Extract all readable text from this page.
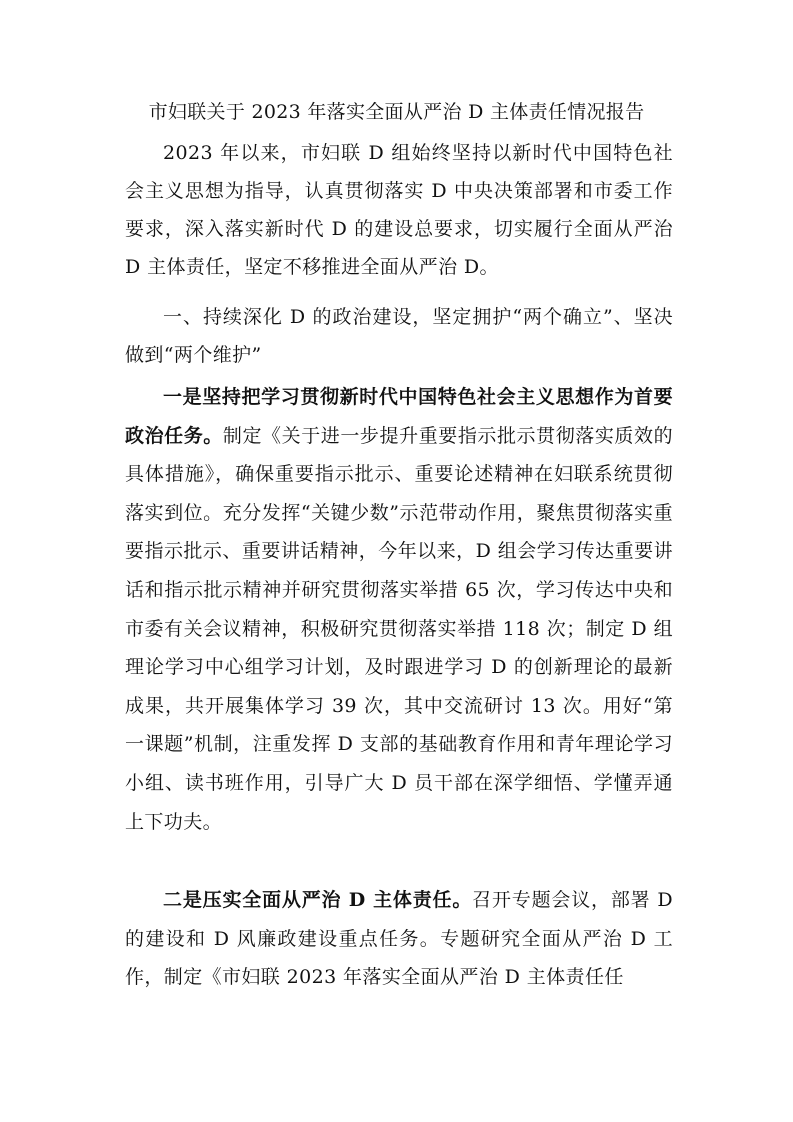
市妇联关于 2023 年落实全面从严治 D 主体责任情况报告
2023 年以来，市妇联 D 组始终坚持以新时代中国特色社会主义思想为指导，认真贯彻落实 D 中央决策部署和市委工作要求，深入落实新时代 D 的建设总要求，切实履行全面从严治 D 主体责任，坚定不移推进全面从严治 D。
一、持续深化 D 的政治建设，坚定拥护“两个确立”、坚决做到“两个维护”
一是坚持把学习贯彻新时代中国特色社会主义思想作为首要政治任务。制定《关于进一步提升重要指示批示贯彻落实质效的具体措施》，确保重要指示批示、重要论述精神在妇联系统贯彻落实到位。充分发挥“关键少数”示范带动作用，聚焦贯彻落实重要指示批示、重要讲话精神，今年以来，D 组会学习传达重要讲话和指示批示精神并研究贯彻落实举措 65 次，学习传达中央和市委有关会议精神，积极研究贯彻落实举措 118 次；制定 D 组理论学习中心组学习计划，及时跟进学习 D 的创新理论的最新成果，共开展集体学习 39 次，其中交流研讨 13 次。用好“第一课题”机制，注重发挥 D 支部的基础教育作用和青年理论学习小组、读书班作用，引导广大 D 员干部在深学细悟、学懂弄通上下功夫。
二是压实全面从严治 D 主体责任。召开专题会议，部署 D 的建设和 D 风廉政建设重点任务。专题研究全面从严治 D 工作，制定《市妇联 2023 年落实全面从严治 D 主体责任任
